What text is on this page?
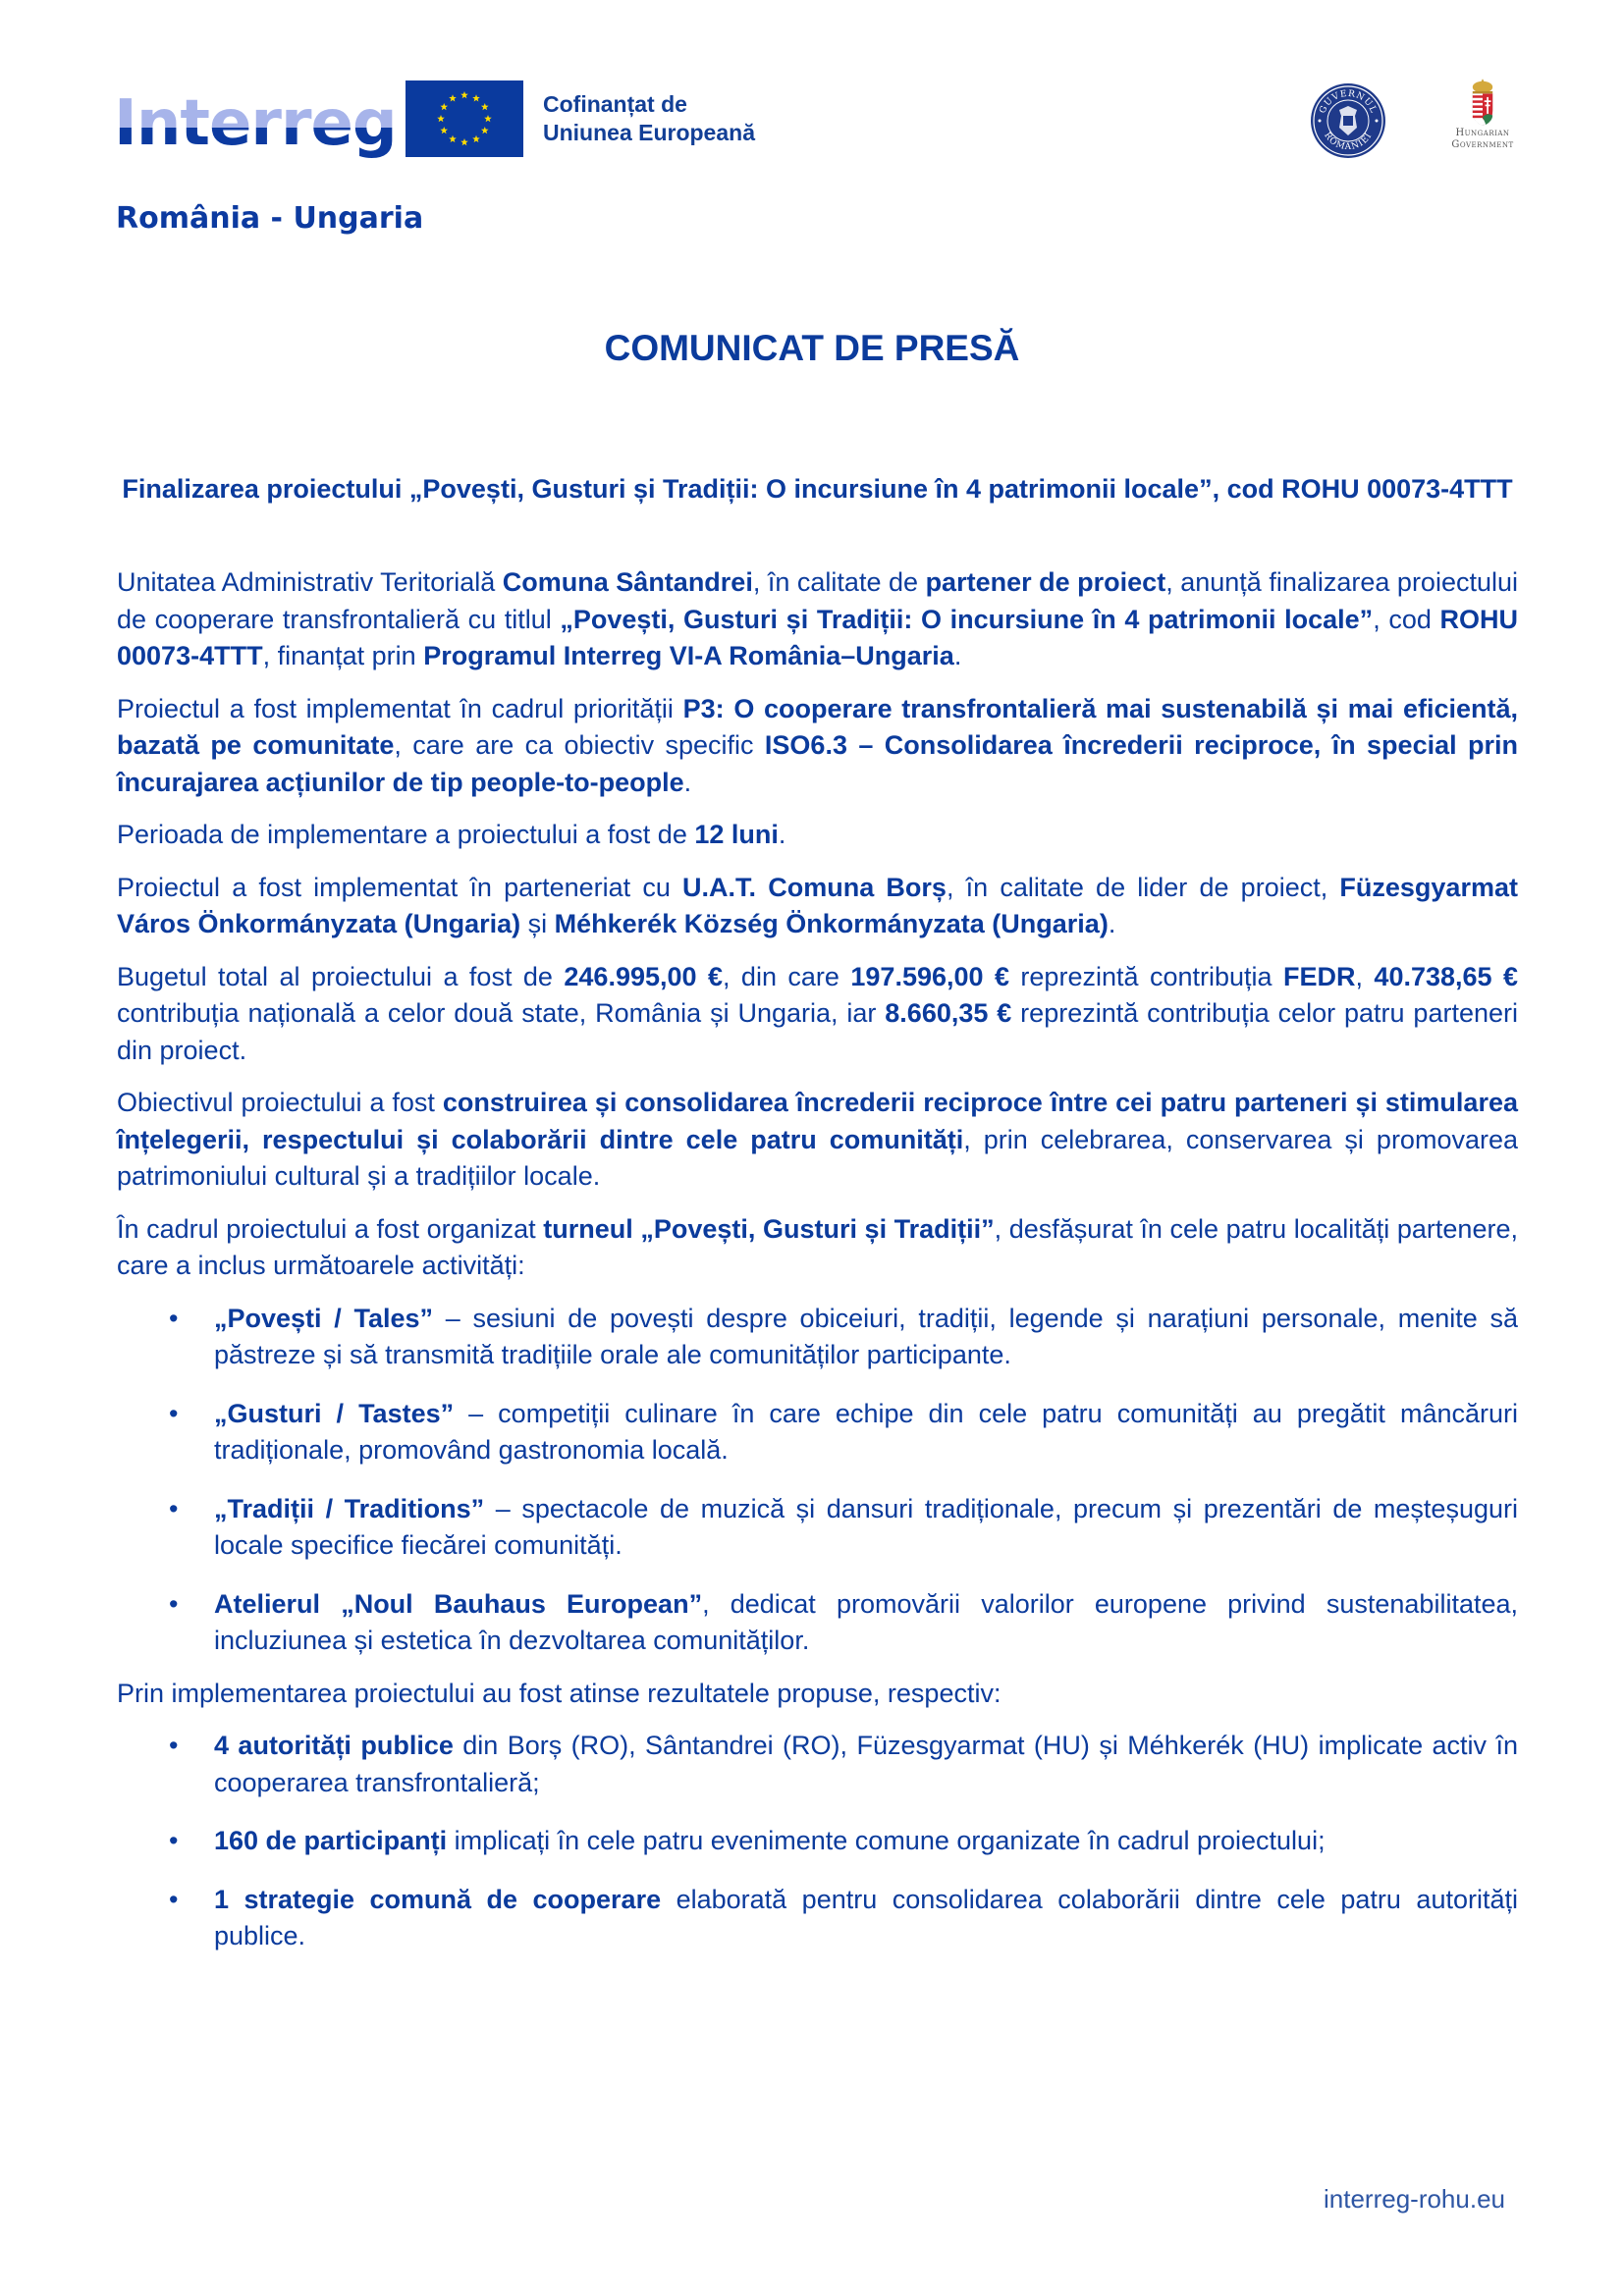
Interreg	Cofinanțat de
Uniunea Europeană
România - Ungaria
GUVERNUL
ROMÂNIEI	Hungarian
Government
COMUNICAT DE PRESĂ
Finalizarea proiectului „Povești, Gusturi și Tradiții: O incursiune în 4 patrimonii locale”, cod ROHU 00073-4TTT

Unitatea Administrativ Teritorială Comuna Sântandrei, în calitate de partener de proiect, anunță finalizarea proiectului de cooperare transfrontalieră cu titlul „Povești, Gusturi și Tradiții: O incursiune în 4 patrimonii locale”, cod ROHU 00073-4TTT, finanțat prin Programul Interreg VI-A România–Ungaria.

Proiectul a fost implementat în cadrul priorității P3: O cooperare transfrontalieră mai sustenabilă și mai eficientă, bazată pe comunitate, care are ca obiectiv specific ISO6.3 – Consolidarea încrederii reciproce, în special prin încurajarea acțiunilor de tip people-to-people.

Perioada de implementare a proiectului a fost de 12 luni.

Proiectul a fost implementat în parteneriat cu U.A.T. Comuna Borș, în calitate de lider de proiect, Füzesgyarmat Város Önkormányzata (Ungaria) și Méhkerék Község Önkormányzata (Ungaria).

Bugetul total al proiectului a fost de 246.995,00 €, din care 197.596,00 € reprezintă contribuția FEDR, 40.738,65 € contribuția națională a celor două state, România și Ungaria, iar 8.660,35 € reprezintă contribuția celor patru parteneri din proiect.

Obiectivul proiectului a fost construirea și consolidarea încrederii reciproce între cei patru parteneri și stimularea înțelegerii, respectului și colaborării dintre cele patru comunități, prin celebrarea, conservarea și promovarea patrimoniului cultural și a tradițiilor locale.

În cadrul proiectului a fost organizat turneul „Povești, Gusturi și Tradiții”, desfășurat în cele patru localități partenere, care a inclus următoarele activități:

• „Povești / Tales” – sesiuni de povești despre obiceiuri, tradiții, legende și narațiuni personale, menite să păstreze și să transmită tradițiile orale ale comunităților participante.
• „Gusturi / Tastes” – competiții culinare în care echipe din cele patru comunități au pregătit mâncăruri tradiționale, promovând gastronomia locală.
• „Tradiții / Traditions” – spectacole de muzică și dansuri tradiționale, precum și prezentări de meșteșuguri locale specifice fiecărei comunități.
• Atelierul „Noul Bauhaus European”, dedicat promovării valorilor europene privind sustenabilitatea, incluziunea și estetica în dezvoltarea comunităților.

Prin implementarea proiectului au fost atinse rezultatele propuse, respectiv:

• 4 autorități publice din Borș (RO), Sântandrei (RO), Füzesgyarmat (HU) și Méhkerék (HU) implicate activ în cooperarea transfrontalieră;
• 160 de participanți implicați în cele patru evenimente comune organizate în cadrul proiectului;
• 1 strategie comună de cooperare elaborată pentru consolidarea colaborării dintre cele patru autorități publice.
interreg-rohu.eu
